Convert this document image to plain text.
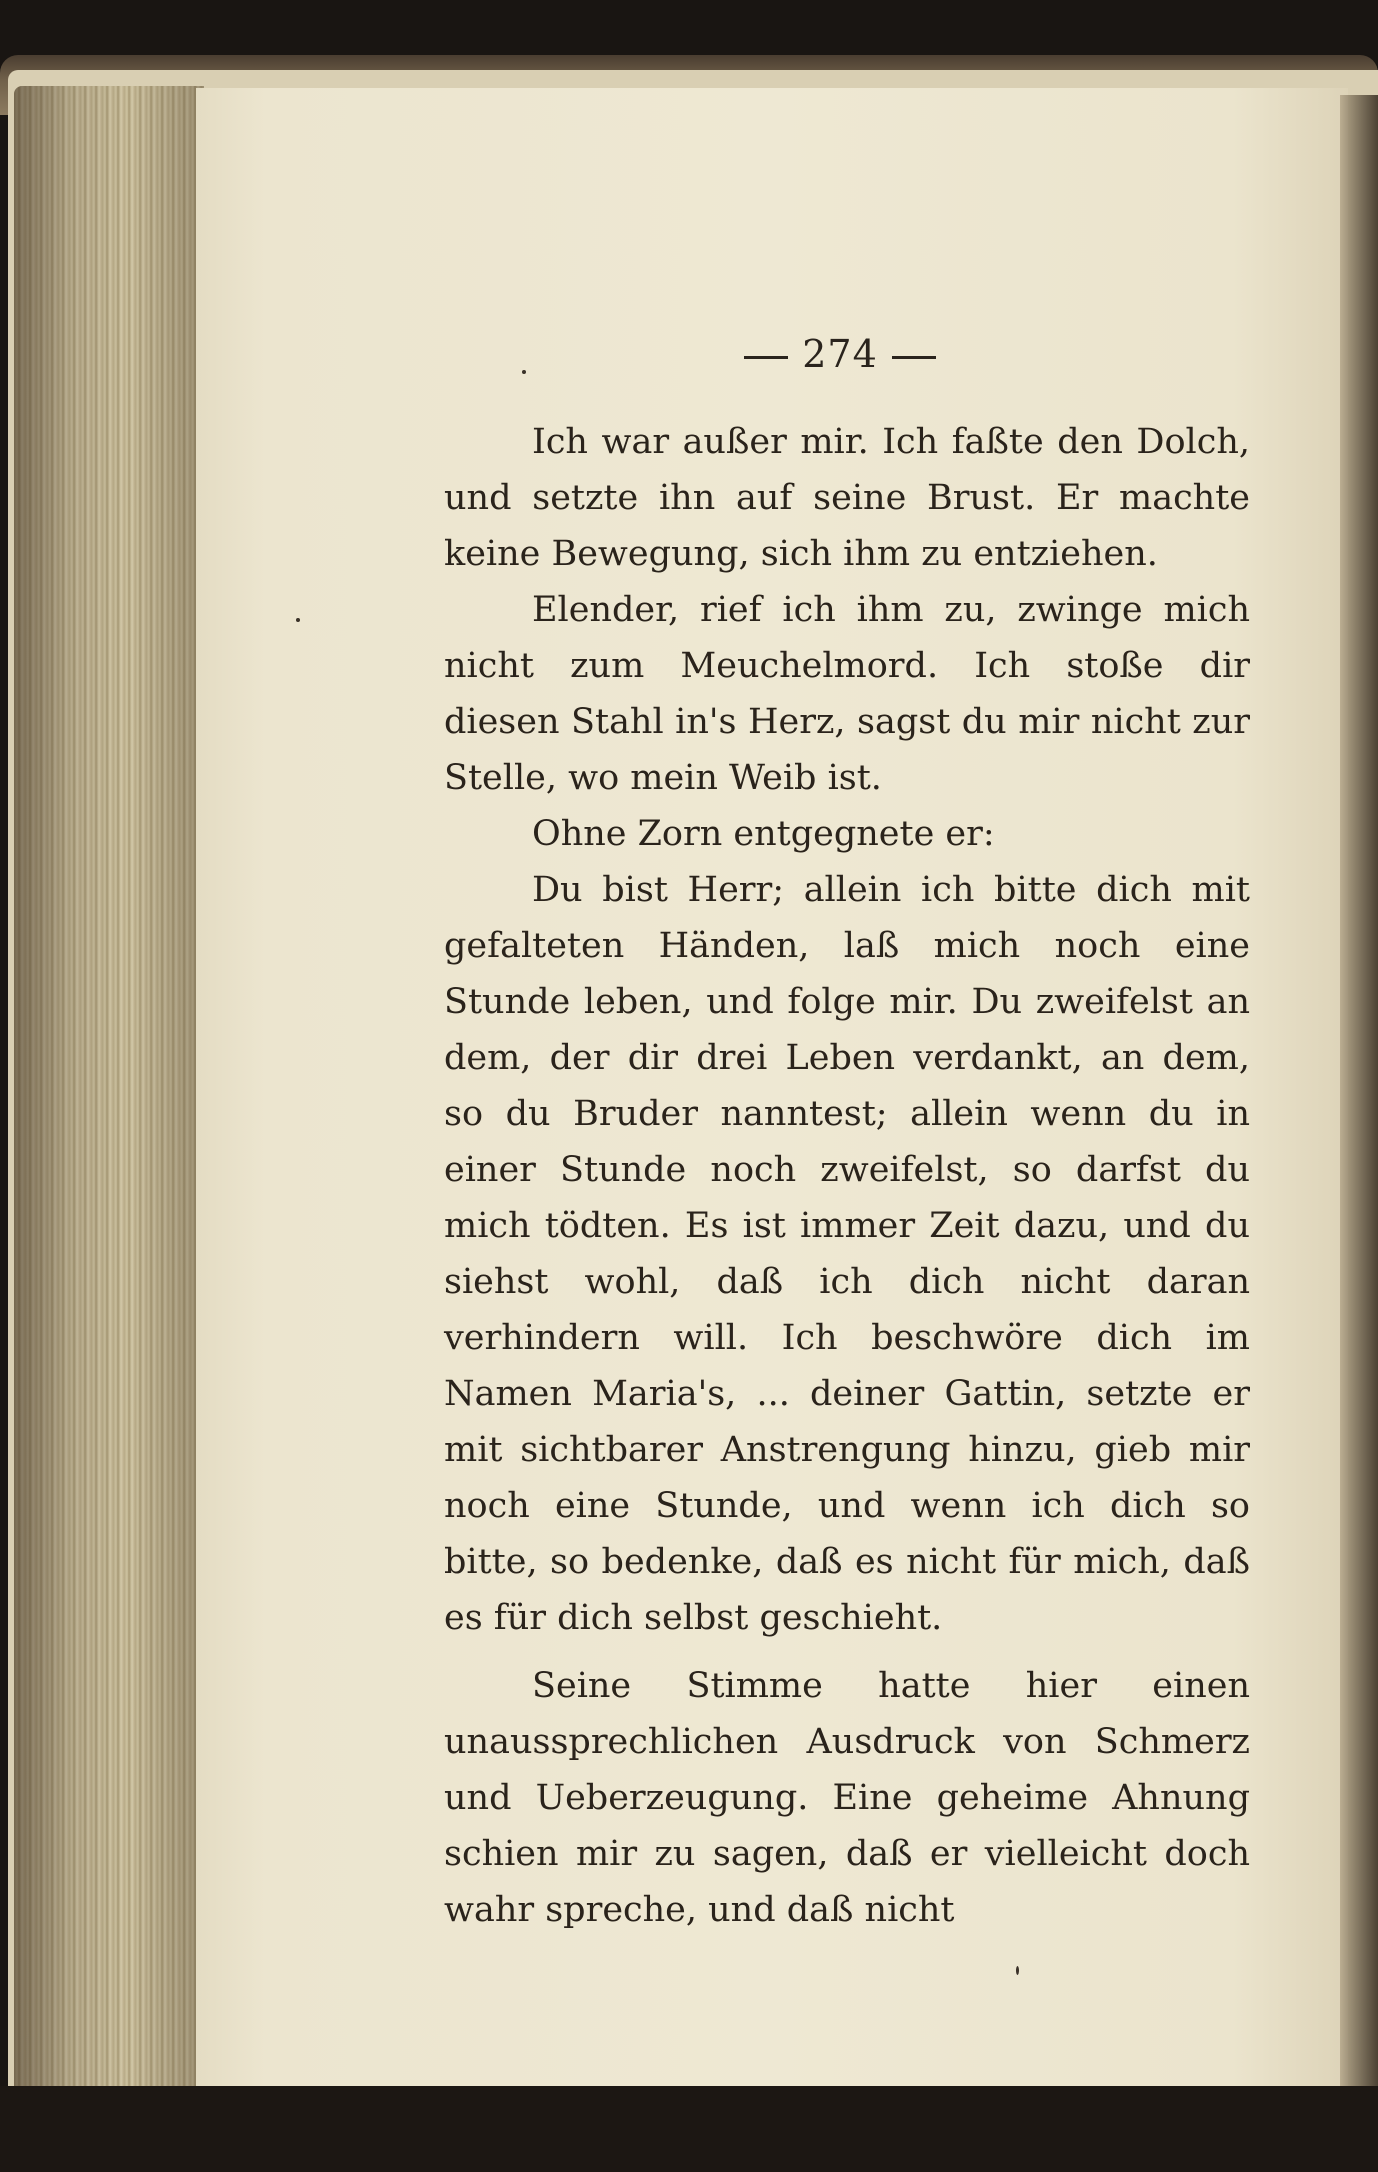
274

Ich war außer mir. Ich faßte den Dolch, und setzte ihn auf seine Brust. Er machte keine Bewegung, sich ihm zu entziehen.

Elender, rief ich ihm zu, zwinge mich nicht zum Meuchelmord. Ich stoße dir diesen Stahl in's Herz, sagst du mir nicht zur Stelle, wo mein Weib ist.

Ohne Zorn entgegnete er:

Du bist Herr; allein ich bitte dich mit gefalteten Händen, laß mich noch eine Stunde leben, und folge mir. Du zweifelst an dem, der dir drei Leben verdankt, an dem, so du Bruder nanntest; allein wenn du in einer Stunde noch zweifelst, so darfst du mich tödten. Es ist immer Zeit dazu, und du siehst wohl, daß ich dich nicht daran verhindern will. Ich beschwöre dich im Namen Maria's, ... deiner Gattin, setzte er mit sichtbarer Anstrengung hinzu, gieb mir noch eine Stunde, und wenn ich dich so bitte, so bedenke, daß es nicht für mich, daß es für dich selbst geschieht.

Seine Stimme hatte hier einen unaussprechlichen Ausdruck von Schmerz und Ueberzeugung. Eine geheime Ahnung schien mir zu sagen, daß er vielleicht doch wahr spreche, und daß nicht
